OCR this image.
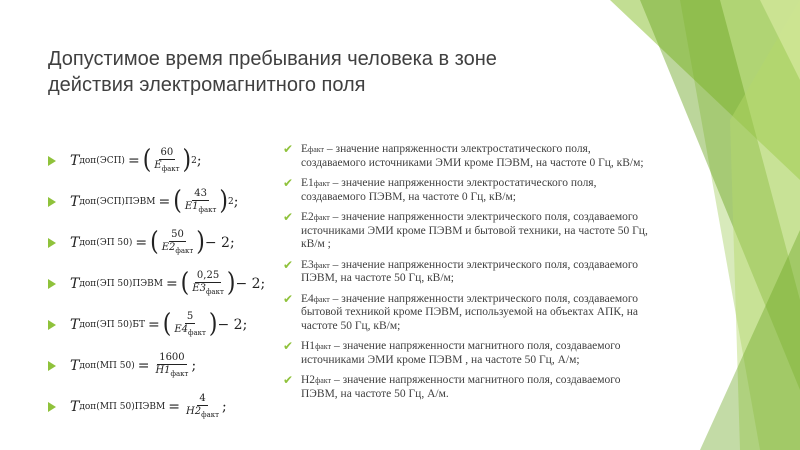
Допустимое время пребывания человека в зоне действия электромагнитного поля
T доп(ЭСП) = ( $\frac{60}{E_{факт}}$ ) 2 ;
T доп(ЭСП)ПЭВМ = ( $\frac{43}{E1_{факт}}$ ) 2 ;
T доп(ЭП 50) = ( $\frac{50}{E2_{факт}}$ ) − 2;
T доп(ЭП 50)ПЭВМ = ( $\frac{0,25}{E3_{факт}}$ ) − 2;
T доп(ЭП 50)БТ = ( $\frac{5}{E4_{факт}}$ ) − 2;
T доп(МП $50) = \frac{1600}{H1_{факт}}$ ;
T доп(МП 50)ПЭВМ = $\frac{4}{H2_{факт}}$ ;
✔ Ефакт – значение напряженности электростатического поля, создаваемого источниками ЭМИ кроме ПЭВМ, на частоте 0 Гц, кВ/м;
✔ Е1факт – значение напряженности электростатического поля, создаваемого ПЭВМ, на частоте 0 Гц, кВ/м;
✔ Е2факт – значение напряженности электрического поля, создаваемого источниками ЭМИ кроме ПЭВМ и бытовой техники, на частоте 50 Гц, кВ/м ;
✔ Е3факт – значение напряженности электрического поля, создаваемого ПЭВМ, на частоте 50 Гц, кВ/м;
✔ Е4факт – значение напряженности электрического поля, создаваемого бытовой техникой кроме ПЭВМ, используемой на объектах АПК, на частоте 50 Гц, кВ/м;
✔ Н1факт – значение напряженности магнитного поля, создаваемого источниками ЭМИ кроме ПЭВМ , на частоте 50 Гц, А/м;
✔ Н2факт – значение напряженности магнитного поля, создаваемого ПЭВМ, на частоте 50 Гц, А/м.
